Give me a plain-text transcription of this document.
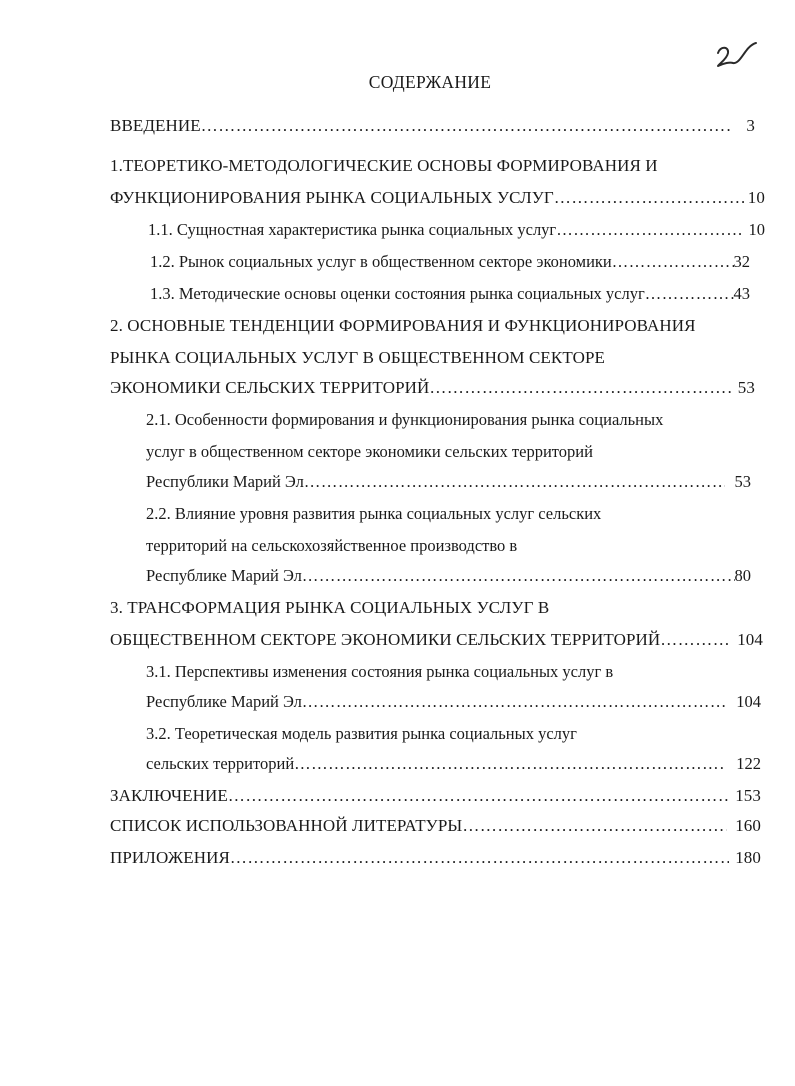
СОДЕРЖАНИЕ
ВВЕДЕНИЕ ……………………………………………………………………………………………………………………………………………………	3
1.ТЕОРЕТИКО-МЕТОДОЛОГИЧЕСКИЕ ОСНОВЫ ФОРМИРОВАНИЯ И
ФУНКЦИОНИРОВАНИЯ РЫНКА СОЦИАЛЬНЫХ УСЛУГ ……………………………………………………………………………………………………………………………………………………	10
1.1. Сущностная характеристика рынка социальных услуг ……………………………………………………………………………………………………………………………………………………	10
1.2. Рынок социальных услуг в общественном секторе экономики ……………………………………………………………………………………………………………………………………………………	32
1.3. Методические основы оценки состояния рынка социальных услуг ……………………………………………………………………………………………………………………………………………………	43
2. ОСНОВНЫЕ ТЕНДЕНЦИИ ФОРМИРОВАНИЯ И ФУНКЦИОНИРОВАНИЯ
РЫНКА СОЦИАЛЬНЫХ УСЛУГ В ОБЩЕСТВЕННОМ СЕКТОРЕ
ЭКОНОМИКИ СЕЛЬСКИХ ТЕРРИТОРИЙ ……………………………………………………………………………………………………………………………………………………	53
2.1. Особенности формирования и функционирования рынка социальных
услуг в общественном секторе экономики сельских территорий
Республики Марий Эл ……………………………………………………………………………………………………………………………………………………	53
2.2. Влияние уровня развития рынка социальных услуг сельских
территорий на сельскохозяйственное производство в
Республике Марий Эл ……………………………………………………………………………………………………………………………………………………	80
3. ТРАНСФОРМАЦИЯ РЫНКА СОЦИАЛЬНЫХ УСЛУГ В
ОБЩЕСТВЕННОМ СЕКТОРЕ ЭКОНОМИКИ СЕЛЬСКИХ ТЕРРИТОРИЙ ……………………………………………………………………………………………………………………………………………………	104
3.1. Перспективы изменения состояния рынка социальных услуг в
Республике Марий Эл ……………………………………………………………………………………………………………………………………………………	104
3.2. Теоретическая модель развития рынка социальных услуг
сельских территорий ……………………………………………………………………………………………………………………………………………………	122
ЗАКЛЮЧЕНИЕ ……………………………………………………………………………………………………………………………………………………	153
СПИСОК ИСПОЛЬЗОВАННОЙ ЛИТЕРАТУРЫ ……………………………………………………………………………………………………………………………………………………	160
ПРИЛОЖЕНИЯ ……………………………………………………………………………………………………………………………………………………	180
